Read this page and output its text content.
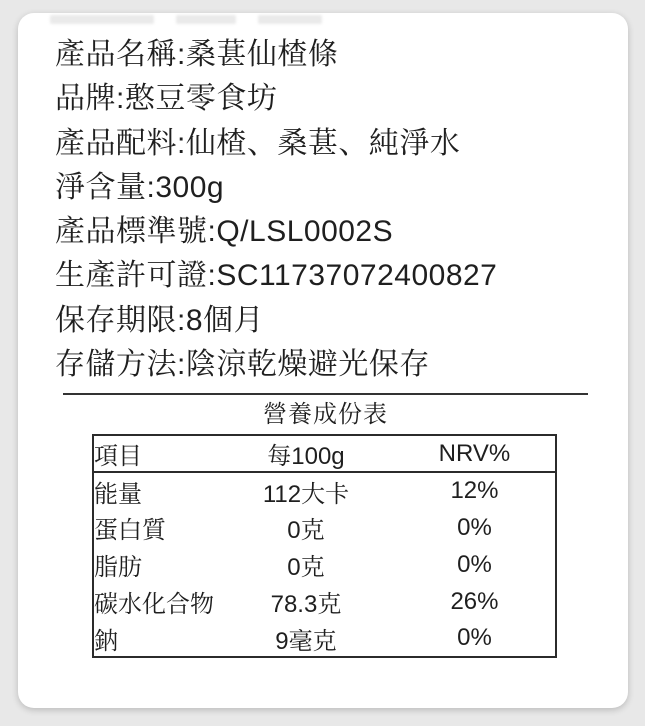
產品名稱:桑葚仙楂條
品牌:憨豆零食坊
產品配料:仙楂、桑葚、純淨水
淨含量:300g
產品標準號:Q/LSL0002S
生產許可證:SC11737072400827
保存期限:8個月
存儲方法:陰涼乾燥避光保存
營養成份表
項目	每100g	NRV%
能量	112大卡	12%
蛋白質	0克	0%
脂肪	0克	0%
碳水化合物	78.3克	26%
鈉	9毫克	0%
